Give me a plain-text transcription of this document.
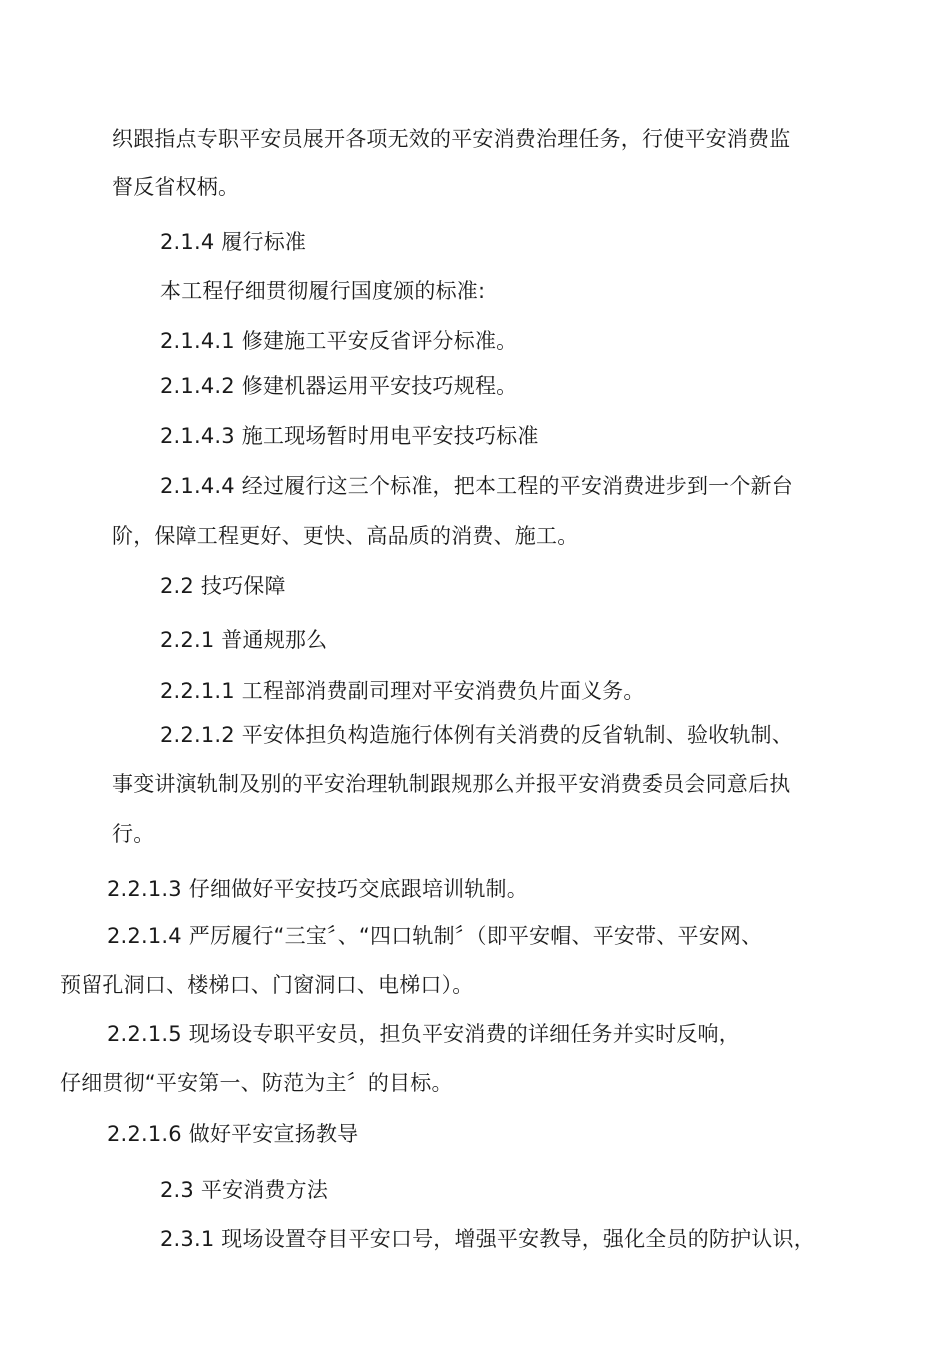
织跟指点专职平安员展开各项无效的平安消费治理任务，行使平安消费监
督反省权柄。
2.1.4 履行标准
本工程仔细贯彻履行国度颁的标准:
2.1.4.1 修建施工平安反省评分标准。
2.1.4.2 修建机器运用平安技巧规程。
2.1.4.3 施工现场暂时用电平安技巧标准
2.1.4.4 经过履行这三个标准，把本工程的平安消费进步到一个新台
阶，保障工程更好、更快、高品质的消费、施工。
2.2 技巧保障
2.2.1 普通规那么
2.2.1.1 工程部消费副司理对平安消费负片面义务。
2.2.1.2 平安体担负构造施行体例有关消费的反省轨制、验收轨制、
事变讲演轨制及别的平安治理轨制跟规那么并报平安消费委员会同意后执
行。
2.2.1.3 仔细做好平安技巧交底跟培训轨制。
2.2.1.4 严厉履行“三宝〞、“四口轨制〞（即平安帽、平安带、平安网、
预留孔洞口、楼梯口、门窗洞口、电梯口）。
2.2.1.5 现场设专职平安员，担负平安消费的详细任务并实时反响，
仔细贯彻“平安第一、防范为主〞的目标。
2.2.1.6 做好平安宣扬教导
2.3 平安消费方法
2.3.1 现场设置夺目平安口号，增强平安教导，强化全员的防护认识，
